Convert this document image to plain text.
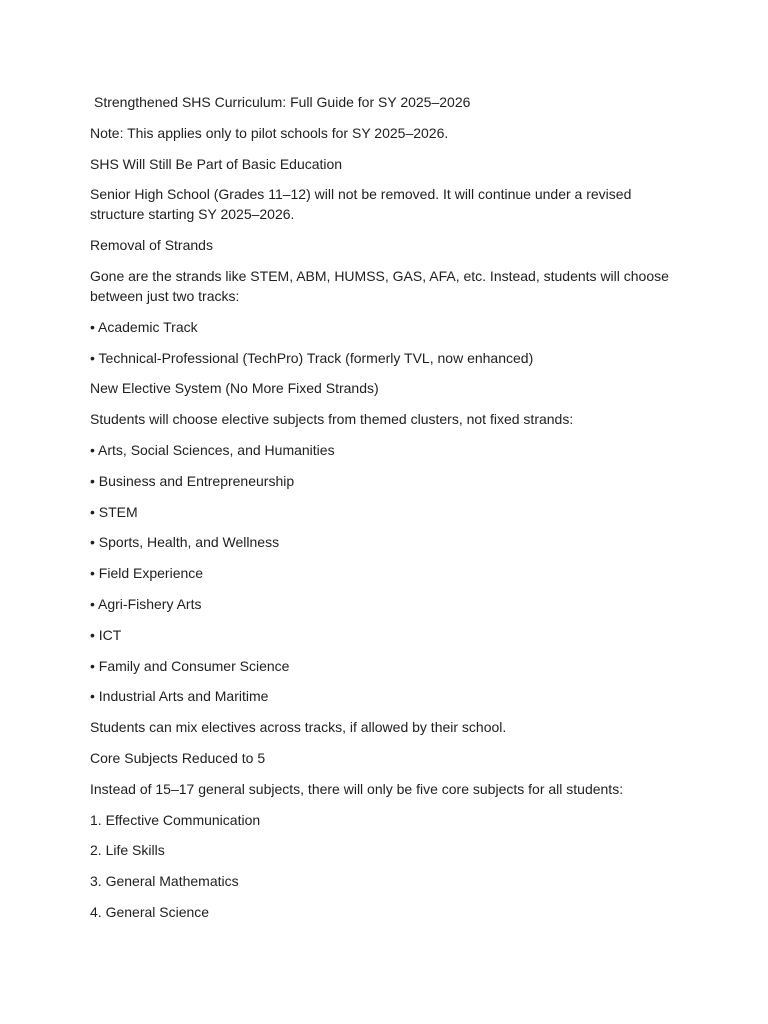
Strengthened SHS Curriculum: Full Guide for SY 2025–2026

Note: This applies only to pilot schools for SY 2025–2026.

SHS Will Still Be Part of Basic Education

Senior High School (Grades 11–12) will not be removed. It will continue under a revised structure starting SY 2025–2026.

Removal of Strands

Gone are the strands like STEM, ABM, HUMSS, GAS, AFA, etc. Instead, students will choose between just two tracks:

• Academic Track

• Technical-Professional (TechPro) Track (formerly TVL, now enhanced)

New Elective System (No More Fixed Strands)

Students will choose elective subjects from themed clusters, not fixed strands:

• Arts, Social Sciences, and Humanities

• Business and Entrepreneurship

• STEM

• Sports, Health, and Wellness

• Field Experience

• Agri-Fishery Arts

• ICT

• Family and Consumer Science

• Industrial Arts and Maritime

Students can mix electives across tracks, if allowed by their school.

Core Subjects Reduced to 5

Instead of 15–17 general subjects, there will only be five core subjects for all students:

1. Effective Communication

2. Life Skills

3. General Mathematics

4. General Science
